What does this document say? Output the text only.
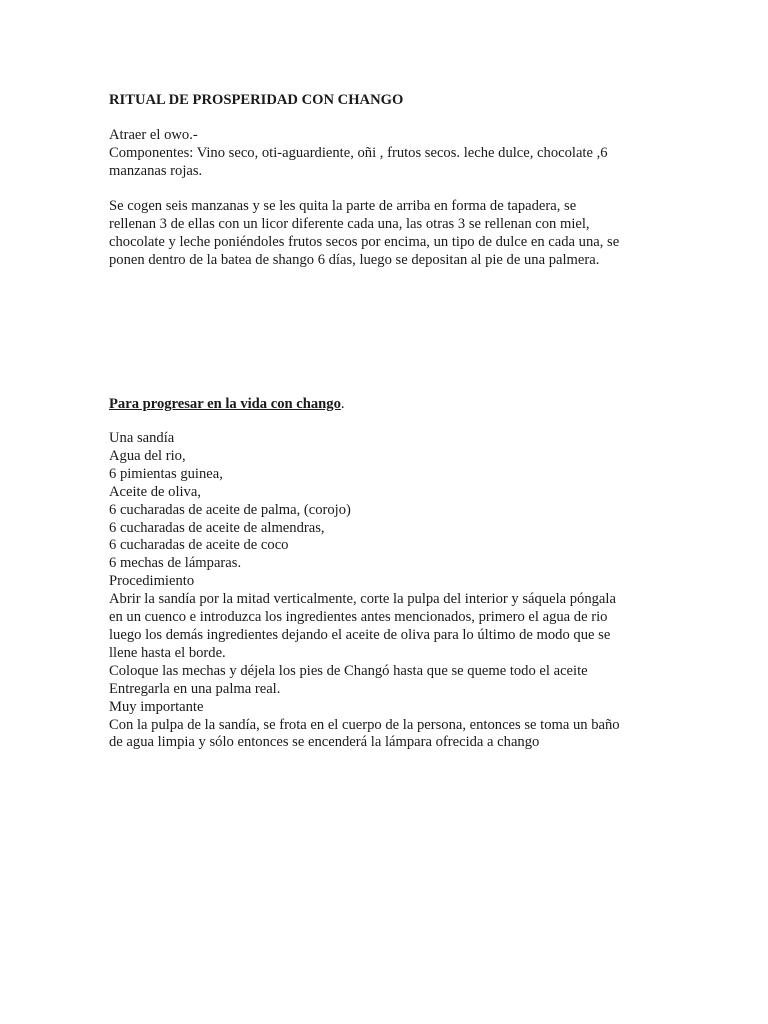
RITUAL DE PROSPERIDAD CON CHANGO
Atraer el owo.-
Componentes: Vino seco, oti-aguardiente, oñi , frutos secos. leche dulce, chocolate ,6
manzanas rojas.
Se cogen seis manzanas y se les quita la parte de arriba en forma de tapadera, se
rellenan 3 de ellas con un licor diferente cada una, las otras 3 se rellenan con miel,
chocolate y leche poniéndoles frutos secos por encima, un tipo de dulce en cada una, se
ponen dentro de la batea de shango 6 días, luego se depositan al pie de una palmera.
Para progresar en la vida con chango.
Una sandía
Agua del rio,
6 pimientas guinea,
Aceite de oliva,
6 cucharadas de aceite de palma, (corojo)
6 cucharadas de aceite de almendras,
6 cucharadas de aceite de coco
6 mechas de lámparas.
Procedimiento
Abrir la sandía por la mitad verticalmente, corte la pulpa del interior y sáquela póngala
en un cuenco e introduzca los ingredientes antes mencionados, primero el agua de rio
luego los demás ingredientes dejando el aceite de oliva para lo último de modo que se
llene hasta el borde.
Coloque las mechas y déjela los pies de Changó hasta que se queme todo el aceite
Entregarla en una palma real.
Muy importante
Con la pulpa de la sandía, se frota en el cuerpo de la persona, entonces se toma un baño
de agua limpia y sólo entonces se encenderá la lámpara ofrecida a chango
